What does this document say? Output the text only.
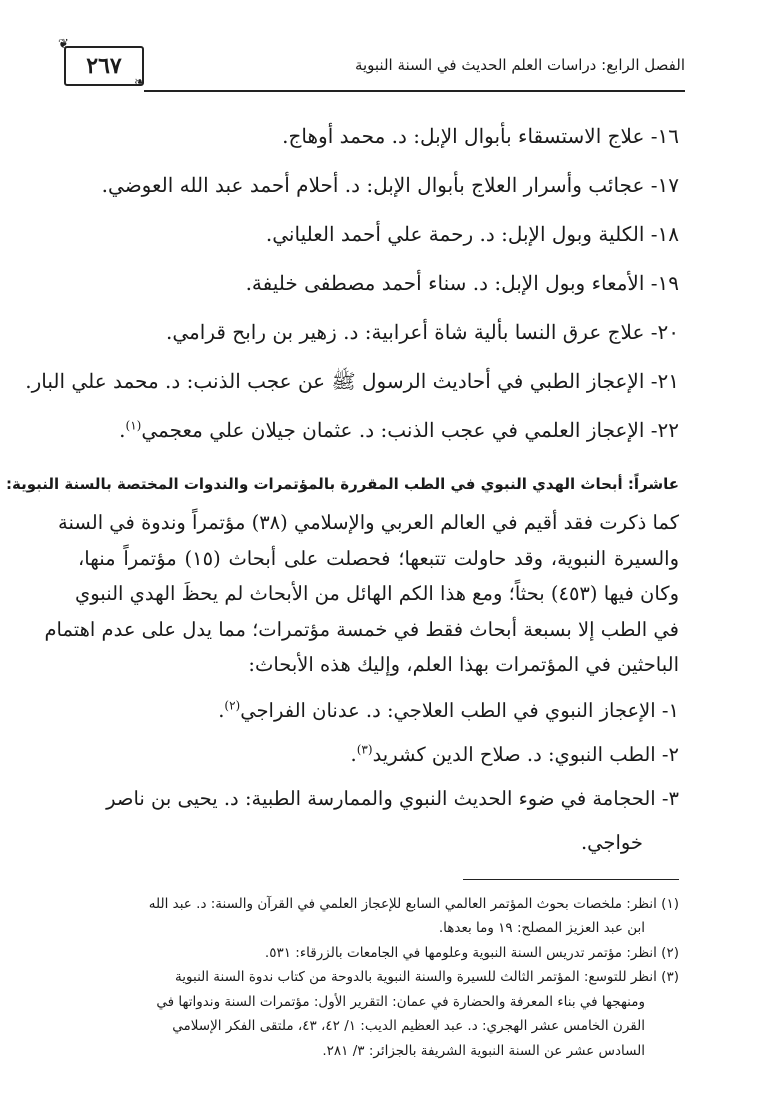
الفصل الرابع: دراسات العلم الحديث في السنة النبوية
٢٦٧
❦
❧
١٦- علاج الاستسقاء بأبوال الإبل: د. محمد أوهاج.
١٧- عجائب وأسرار العلاج بأبوال الإبل: د. أحلام أحمد عبد الله العوضي.
١٨- الكلية وبول الإبل: د. رحمة علي أحمد العلياني.
١٩- الأمعاء وبول الإبل: د. سناء أحمد مصطفى خليفة.
٢٠- علاج عرق النسا بألية شاة أعرابية: د. زهير بن رابح قرامي.
٢١- الإعجاز الطبي في أحاديث الرسول ﷺ عن عجب الذنب: د. محمد علي البار.
٢٢- الإعجاز العلمي في عجب الذنب: د. عثمان جيلان علي معجمي$^{(١)}$.
عاشراً: أبحاث الهدي النبوي في الطب المقررة بالمؤتمرات والندوات المختصة بالسنة النبوية:
كما ذكرت فقد أقيم في العالم العربي والإسلامي (٣٨) مؤتمراً وندوة في السنة
والسيرة النبوية، وقد حاولت تتبعها؛ فحصلت على أبحاث (١٥) مؤتمراً منها،
وكان فيها (٤٥٣) بحثاً؛ ومع هذا الكم الهائل من الأبحاث لم يحظَ الهدي النبوي
في الطب إلا بسبعة أبحاث فقط في خمسة مؤتمرات؛ مما يدل على عدم اهتمام
الباحثين في المؤتمرات بهذا العلم، وإليك هذه الأبحاث:
١- الإعجاز النبوي في الطب العلاجي: د. عدنان الفراجي$^{(٢)}$.
٢- الطب النبوي: د. صلاح الدين كشريد$^{(٣)}$.
٣- الحجامة في ضوء الحديث النبوي والممارسة الطبية: د. يحيى بن ناصر
خواجي.
(١) انظر: ملخصات بحوث المؤتمر العالمي السابع للإعجاز العلمي في القرآن والسنة: د. عبد الله
ابن عبد العزيز المصلح: ١٩ وما بعدها.
(٢) انظر: مؤتمر تدريس السنة النبوية وعلومها في الجامعات بالزرقاء: ٥٣١.
(٣) انظر للتوسع: المؤتمر الثالث للسيرة والسنة النبوية بالدوحة من كتاب ندوة السنة النبوية
ومنهجها في بناء المعرفة والحضارة في عمان: التقرير الأول: مؤتمرات السنة وندواتها في
القرن الخامس عشر الهجري: د. عبد العظيم الديب: ١/ ٤٢، ٤٣، ملتقى الفكر الإسلامي
السادس عشر عن السنة النبوية الشريفة بالجزائر: ٣/ ٢٨١.
